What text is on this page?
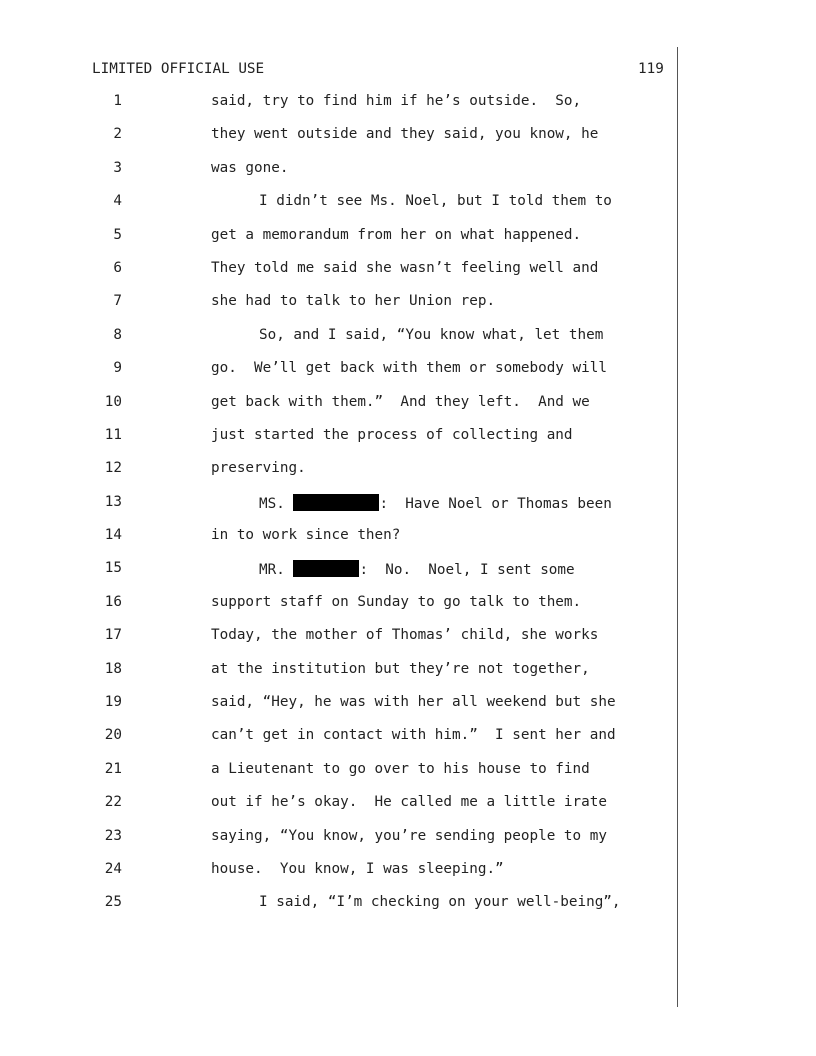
LIMITED OFFICIAL USE	119
1	said, try to find him if he’s outside.  So,
2	they went outside and they said, you know, he
3	was gone.
4	I didn’t see Ms. Noel, but I told them to
5	get a memorandum from her on what happened.
6	They told me said she wasn’t feeling well and
7	she had to talk to her Union rep.
8	So, and I said, “You know what, let them
9	go.  We’ll get back with them or somebody will
10	get back with them.”  And they left.  And we
11	just started the process of collecting and
12	preserving.
13	MS.	:  Have Noel or Thomas been
14	in to work since then?
15	MR.	:  No.  Noel, I sent some
16	support staff on Sunday to go talk to them.
17	Today, the mother of Thomas’ child, she works
18	at the institution but they’re not together,
19	said, “Hey, he was with her all weekend but she
20	can’t get in contact with him.”  I sent her and
21	a Lieutenant to go over to his house to find
22	out if he’s okay.  He called me a little irate
23	saying, “You know, you’re sending people to my
24	house.  You know, I was sleeping.”
25	I said, “I’m checking on your well-being”,
